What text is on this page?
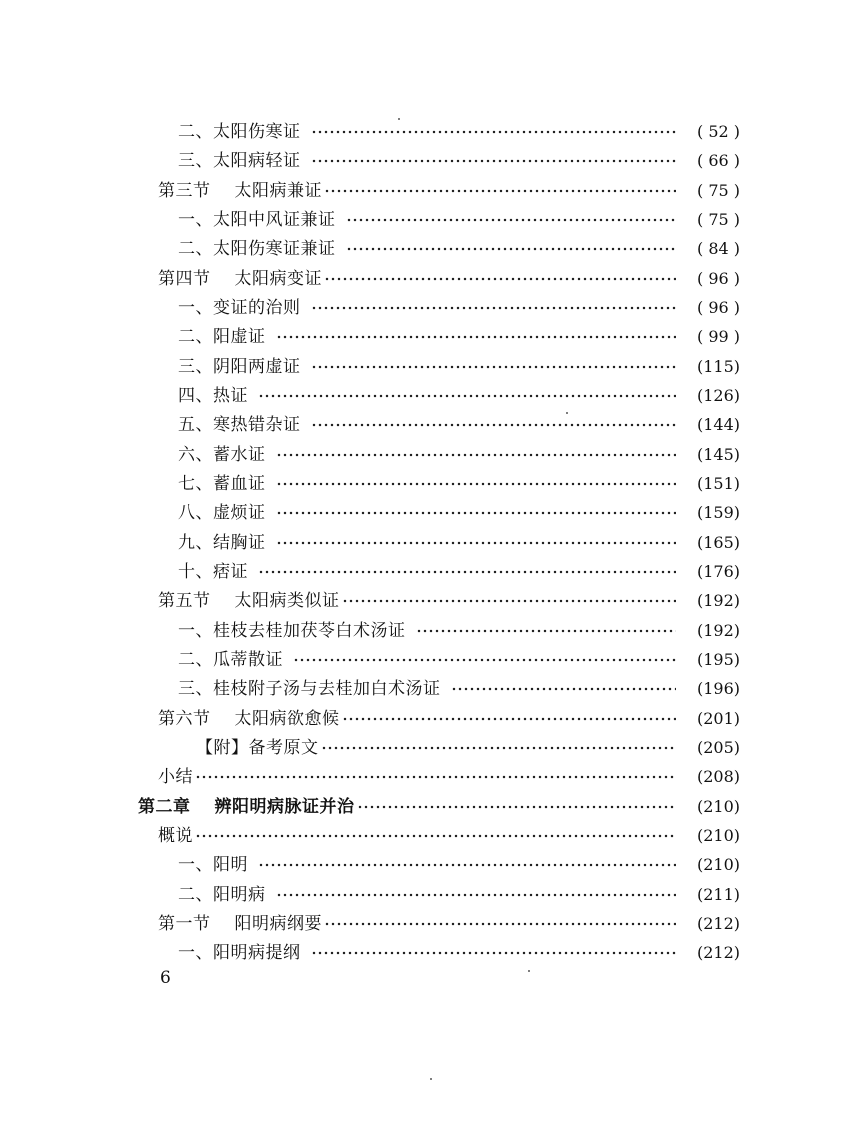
二、太阳伤寒证	( 52 )
三、太阳病轻证	( 66 )
第三节 太阳病兼证	( 75 )
一、太阳中风证兼证	( 75 )
二、太阳伤寒证兼证	( 84 )
第四节 太阳病变证	( 96 )
一、变证的治则	( 96 )
二、阳虚证	( 99 )
三、阴阳两虚证	(115)
四、热证	(126)
五、寒热错杂证	(144)
六、蓄水证	(145)
七、蓄血证	(151)
八、虚烦证	(159)
九、结胸证	(165)
十、痞证	(176)
第五节 太阳病类似证	(192)
一、桂枝去桂加茯苓白术汤证	(192)
二、瓜蒂散证	(195)
三、桂枝附子汤与去桂加白术汤证	(196)
第六节 太阳病欲愈候	(201)
【附】备考原文	(205)
小结	(208)
第二章 辨阳明病脉证并治	(210)
概说	(210)
一、阳明	(210)
二、阳明病	(211)
第一节 阳明病纲要	(212)
一、阳明病提纲	(212)
6
